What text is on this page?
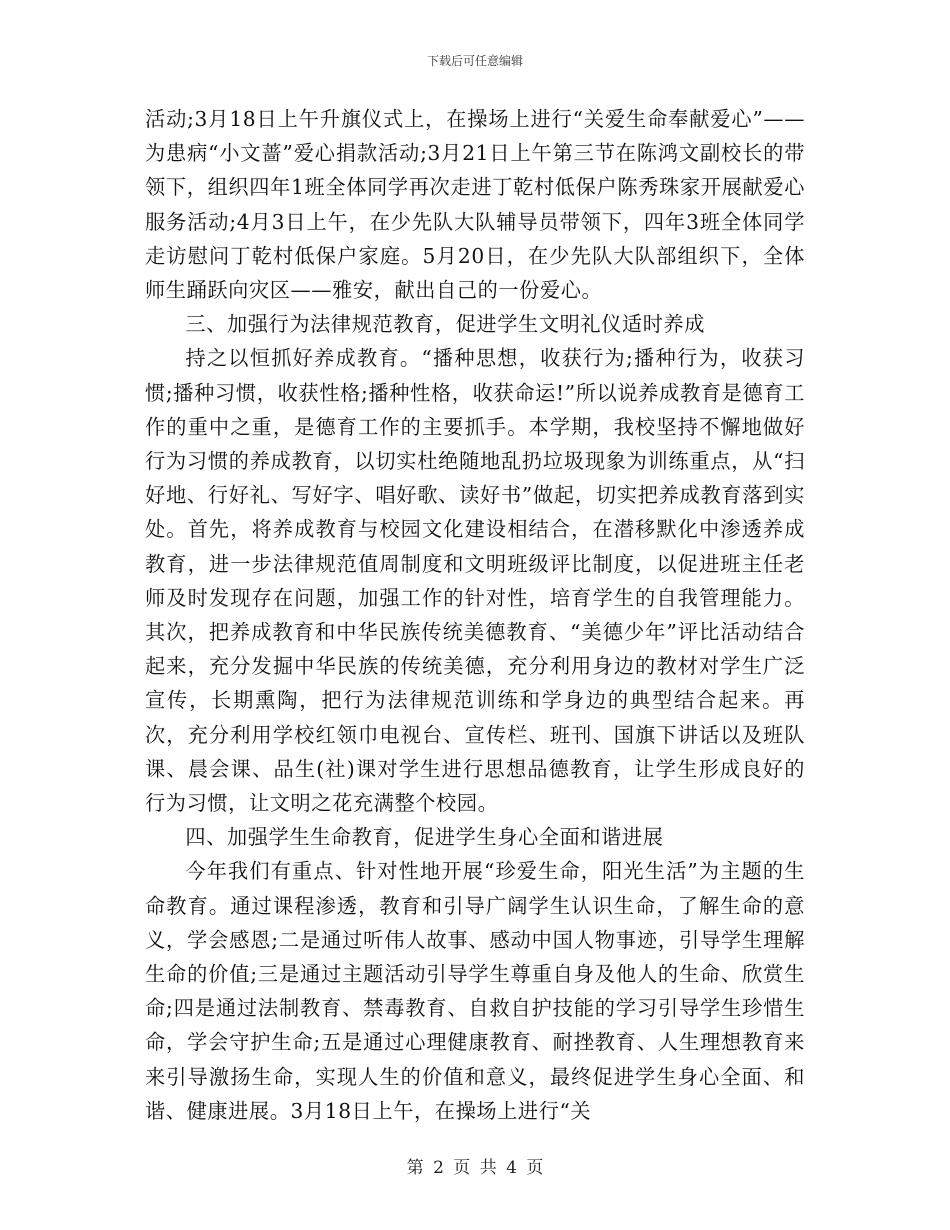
下载后可任意编辑

活动;3月18日上午升旗仪式上，在操场上进行“关爱生命奉献爱心”——为患病“小文蔷”爱心捐款活动;3月21日上午第三节在陈鸿文副校长的带领下，组织四年1班全体同学再次走进丁乾村低保户陈秀珠家开展献爱心服务活动;4月3日上午，在少先队大队辅导员带领下，四年3班全体同学走访慰问丁乾村低保户家庭。5月20日，在少先队大队部组织下，全体师生踊跃向灾区——雅安，献出自己的一份爱心。

三、加强行为法律规范教育，促进学生文明礼仪适时养成

持之以恒抓好养成教育。“播种思想，收获行为;播种行为，收获习惯;播种习惯，收获性格;播种性格，收获命运!”所以说养成教育是德育工作的重中之重，是德育工作的主要抓手。本学期，我校坚持不懈地做好行为习惯的养成教育，以切实杜绝随地乱扔垃圾现象为训练重点，从“扫好地、行好礼、写好字、唱好歌、读好书”做起，切实把养成教育落到实处。首先，将养成教育与校园文化建设相结合，在潜移默化中渗透养成教育，进一步法律规范值周制度和文明班级评比制度，以促进班主任老师及时发现存在问题，加强工作的针对性，培育学生的自我管理能力。其次，把养成教育和中华民族传统美德教育、“美德少年”评比活动结合起来，充分发掘中华民族的传统美德，充分利用身边的教材对学生广泛宣传，长期熏陶，把行为法律规范训练和学身边的典型结合起来。再次，充分利用学校红领巾电视台、宣传栏、班刊、国旗下讲话以及班队课、晨会课、品生(社)课对学生进行思想品德教育，让学生形成良好的行为习惯，让文明之花充满整个校园。

四、加强学生生命教育，促进学生身心全面和谐进展

今年我们有重点、针对性地开展“珍爱生命，阳光生活”为主题的生命教育。通过课程渗透，教育和引导广阔学生认识生命，了解生命的意义，学会感恩;二是通过听伟人故事、感动中国人物事迹，引导学生理解生命的价值;三是通过主题活动引导学生尊重自身及他人的生命、欣赏生命;四是通过法制教育、禁毒教育、自救自护技能的学习引导学生珍惜生命，学会守护生命;五是通过心理健康教育、耐挫教育、人生理想教育来来引导激扬生命，实现人生的价值和意义，最终促进学生身心全面、和谐、健康进展。3月18日上午，在操场上进行“关

第 2 页 共 4 页
